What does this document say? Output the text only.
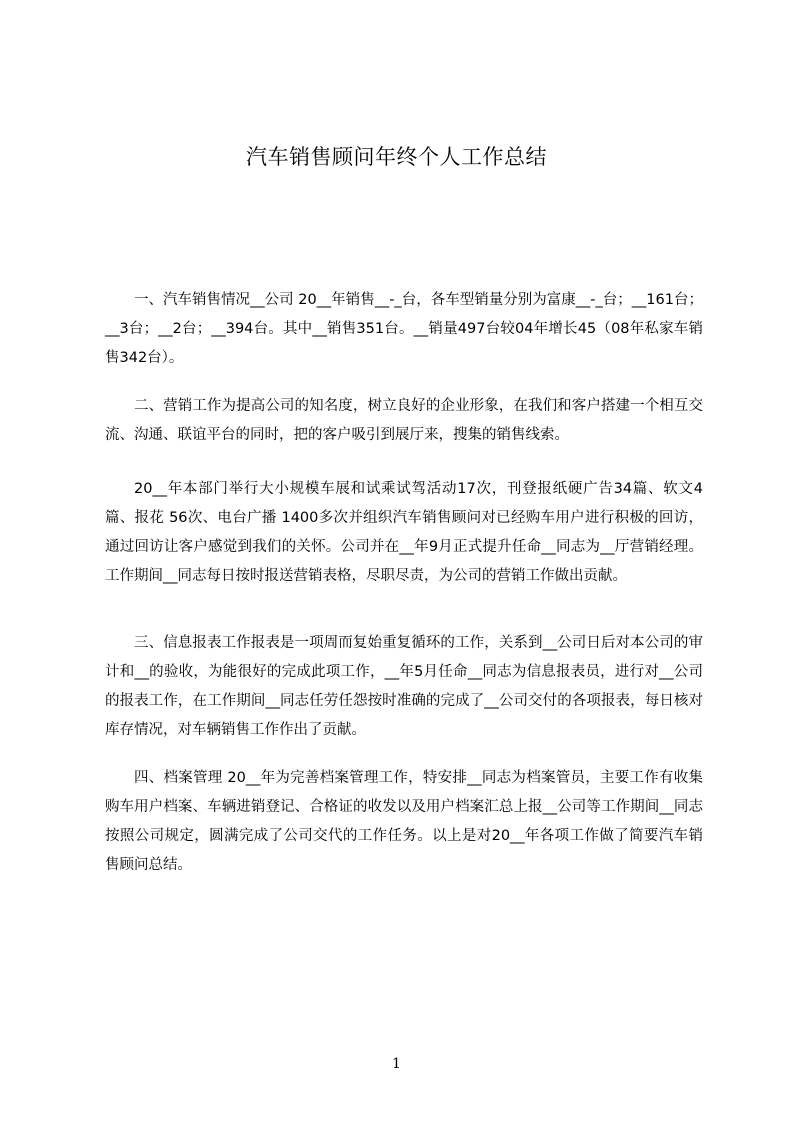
汽车销售顾问年终个人工作总结

一、汽车销售情况__公司 20__年销售__-_台，各车型销量分别为富康__-_台；__161台；__3台；__2台；__394台。其中__销售351台。__销量497台较04年增长45（08年私家车销售342台）。

二、营销工作为提高公司的知名度，树立良好的企业形象，在我们和客户搭建一个相互交流、沟通、联谊平台的同时，把的客户吸引到展厅来，搜集的销售线索。

20__年本部门举行大小规模车展和试乘试驾活动17次，刊登报纸硬广告34篇、软文4篇、报花 56次、电台广播 1400多次并组织汽车销售顾问对已经购车用户进行积极的回访，通过回访让客户感觉到我们的关怀。公司并在__年9月正式提升任命__同志为__厅营销经理。工作期间__同志每日按时报送营销表格，尽职尽责，为公司的营销工作做出贡献。

三、信息报表工作报表是一项周而复始重复循环的工作，关系到__公司日后对本公司的审计和__的验收，为能很好的完成此项工作，__年5月任命__同志为信息报表员，进行对__公司的报表工作，在工作期间__同志任劳任怨按时准确的完成了__公司交付的各项报表，每日核对库存情况，对车辆销售工作作出了贡献。

四、档案管理 20__年为完善档案管理工作，特安排__同志为档案管员，主要工作有收集购车用户档案、车辆进销登记、合格证的收发以及用户档案汇总上报__公司等工作期间__同志按照公司规定，圆满完成了公司交代的工作任务。以上是对20__年各项工作做了简要汽车销售顾问总结。

1
